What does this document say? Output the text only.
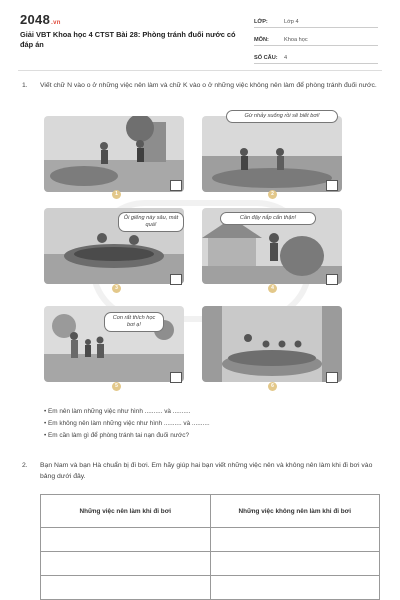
2048.vn
Giải VBT Khoa học 4 CTST Bài 28: Phòng tránh đuối nước có đáp án
LỚP:	Lớp 4
MÔN:	Khoa học
SỐ CÂU:	4
1. Viết chữ N vào o ở những việc nên làm và chữ K vào o ở những việc không nên làm để phòng tránh đuối nước.
1
Gừ nhảy xuống rồi sẽ biết bơi!
2
Ôi giếng này sâu, mát quá!
3
Cần đậy nắp cẩn thận!
4
Con rất thích học bơi ạ!
5	6
• Em nên làm những việc như hình .......... và ..........
• Em không nên làm những việc như hình .......... và ..........
• Em cần làm gì để phòng tránh tai nạn đuối nước?
2. Bạn Nam và bạn Hà chuẩn bị đi bơi. Em hãy giúp hai bạn viết những việc nên và không nên làm khi đi bơi vào bảng dưới đây.
Những việc nên làm khi đi bơi	Những việc không nên làm khi đi bơi
